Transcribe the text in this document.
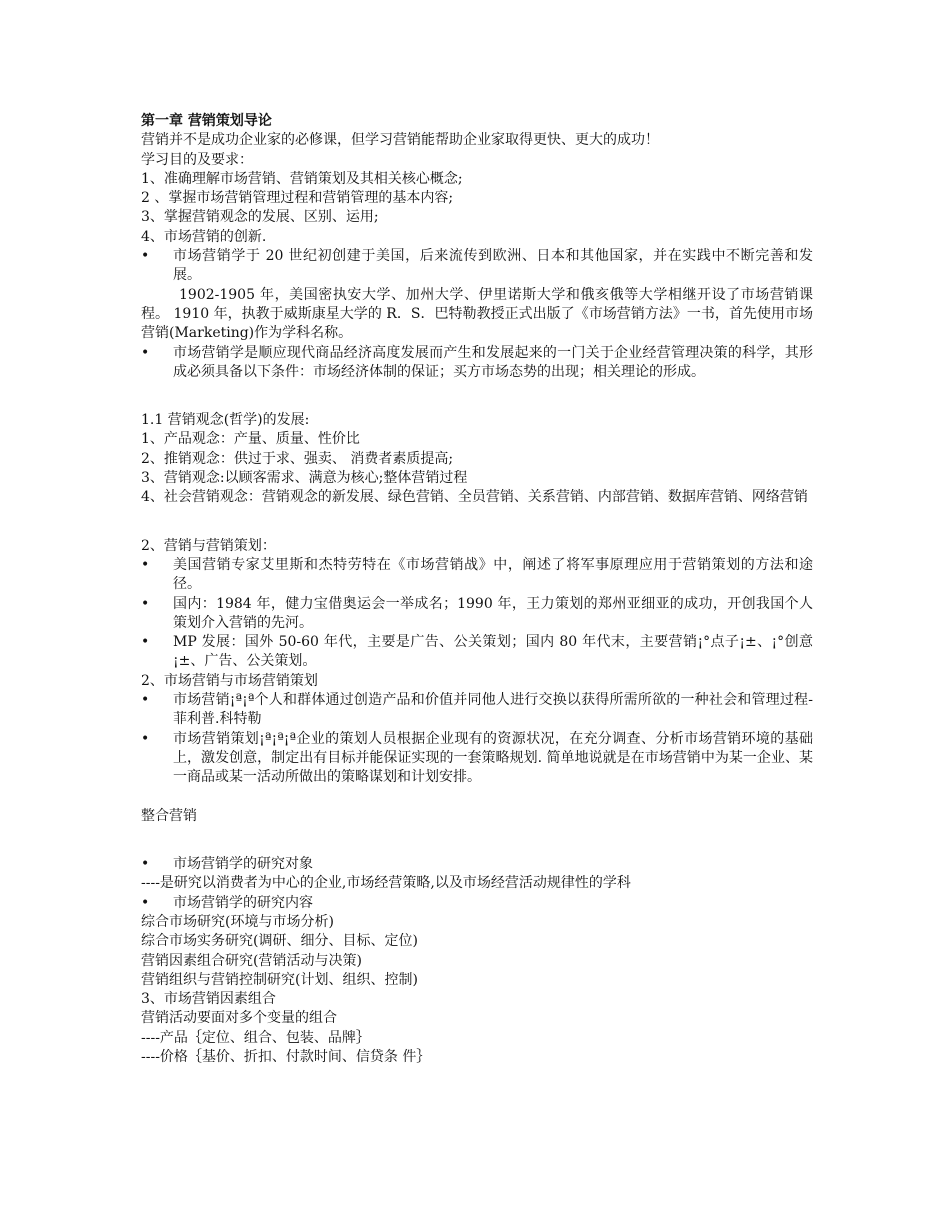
第一章 营销策划导论

营销并不是成功企业家的必修课，但学习营销能帮助企业家取得更快、更大的成功！

学习目的及要求：

1、准确理解市场营销、营销策划及其相关核心概念;

2 、掌握市场营销管理过程和营销管理的基本内容;

3、掌握营销观念的发展、区别、运用;

4、市场营销的创新.

•	市场营销学于 20 世纪初创建于美国，后来流传到欧洲、日本和其他国家，并在实践中不断完善和发展。

1902-1905 年，美国密执安大学、加州大学、伊里诺斯大学和俄亥俄等大学相继开设了市场营销课程。 1910 年，执教于威斯康星大学的 R．S．巴特勒教授正式出版了《市场营销方法》一书，首先使用市场营销(Marketing)作为学科名称。

•	市场营销学是顺应现代商品经济高度发展而产生和发展起来的一门关于企业经营管理决策的科学，其形成必须具备以下条件：市场经济体制的保证；买方市场态势的出现；相关理论的形成。

1.1 营销观念(哲学)的发展:

1、产品观念：产量、质量、性价比

2、推销观念：供过于求、强卖、 消费者素质提高;

3、营销观念:以顾客需求、满意为核心;整体营销过程

4、社会营销观念： 营销观念的新发展、绿色营销、全员营销、关系营销、内部营销、数据库营销、网络营销

2、营销与营销策划：

•	美国营销专家艾里斯和杰特劳特在《市场营销战》中，阐述了将军事原理应用于营销策划的方法和途径。
•	国内：1984 年，健力宝借奥运会一举成名；1990 年，王力策划的郑州亚细亚的成功，开创我国个人策划介入营销的先河。
•	MP 发展：国外 50-60 年代，主要是广告、公关策划；国内 80 年代末，主要营销¡°点子¡±、¡°创意¡±、广告、公关策划。

2、市场营销与市场营销策划

•	市场营销¡ª¡ª个人和群体通过创造产品和价值并同他人进行交换以获得所需所欲的一种社会和管理过程-菲利普.科特勒
•	市场营销策划¡ª¡ª¡ª企业的策划人员根据企业现有的资源状况，在充分调查、分析市场营销环境的基础上，激发创意，制定出有目标并能保证实现的一套策略规划. 简单地说就是在市场营销中为某一企业、某一商品或某一活动所做出的策略谋划和计划安排。

整合营销

•	市场营销学的研究对象

----是研究以消费者为中心的企业,市场经营策略,以及市场经营活动规律性的学科

•	市场营销学的研究内容

综合市场研究(环境与市场分析)

综合市场实务研究(调研、细分、目标、定位)

营销因素组合研究(营销活动与决策)

营销组织与营销控制研究(计划、组织、控制)

3、市场营销因素组合

营销活动要面对多个变量的组合

----产品｛定位、组合、包装、品牌｝

----价格｛基价、折扣、付款时间、信贷条 件｝
